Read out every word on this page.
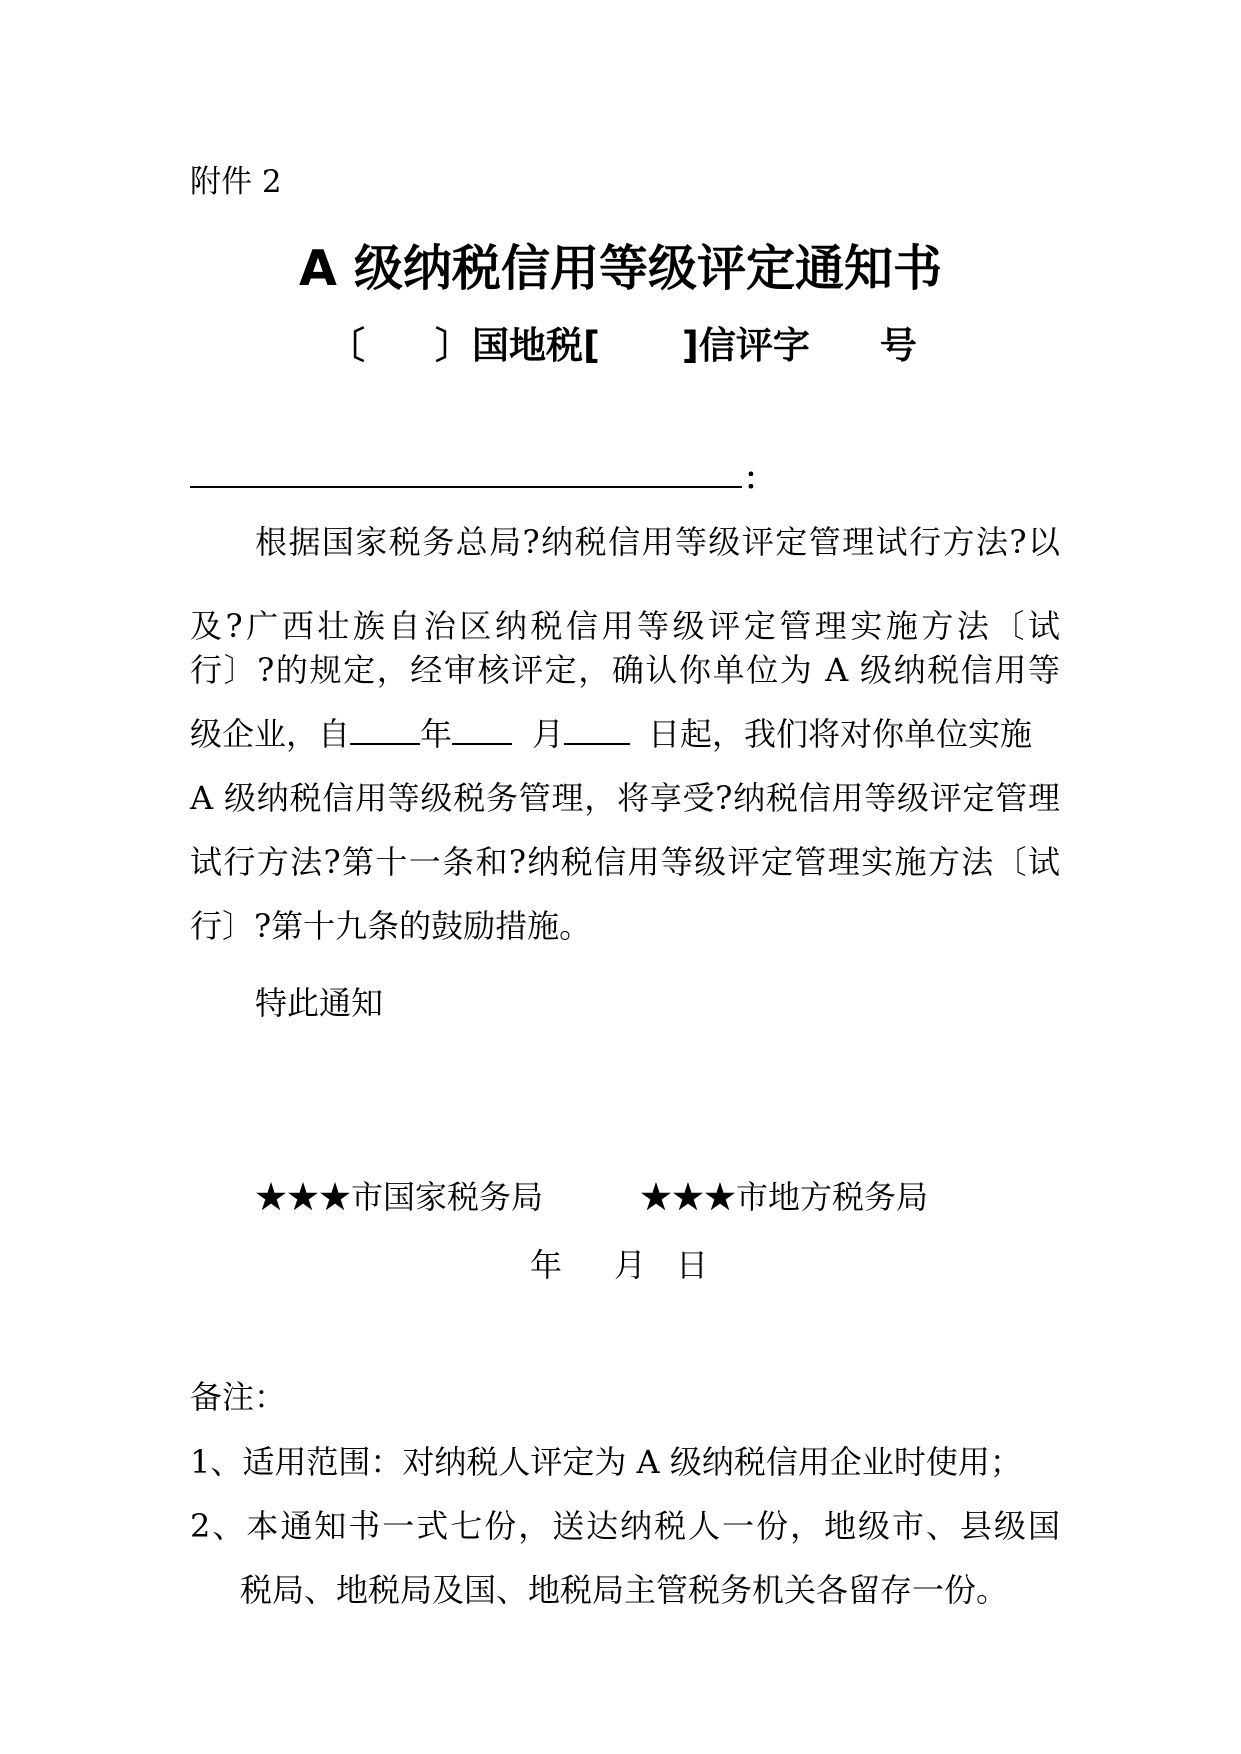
附件 2
A 级纳税信用等级评定通知书
〔 〕国地税[ ]信评字 号
：
根据国家税务总局?纳税信用等级评定管理试行方法?以
及?广西壮族自治区纳税信用等级评定管理实施方法〔试
行〕?的规定，经审核评定，确认你单位为 A 级纳税信用等
级企业，自 年	月	日起，我们将对你单位实施
A 级纳税信用等级税务管理，将享受?纳税信用等级评定管理
试行方法?第十一条和?纳税信用等级评定管理实施方法〔试
行〕?第十九条的鼓励措施。
特此通知
★★★市国家税务局	★★★市地方税务局
年 月 日
备注：
1、适用范围：对纳税人评定为 A 级纳税信用企业时使用；
2、本通知书一式七份，送达纳税人一份，地级市、县级国
税局、地税局及国、地税局主管税务机关各留存一份。
